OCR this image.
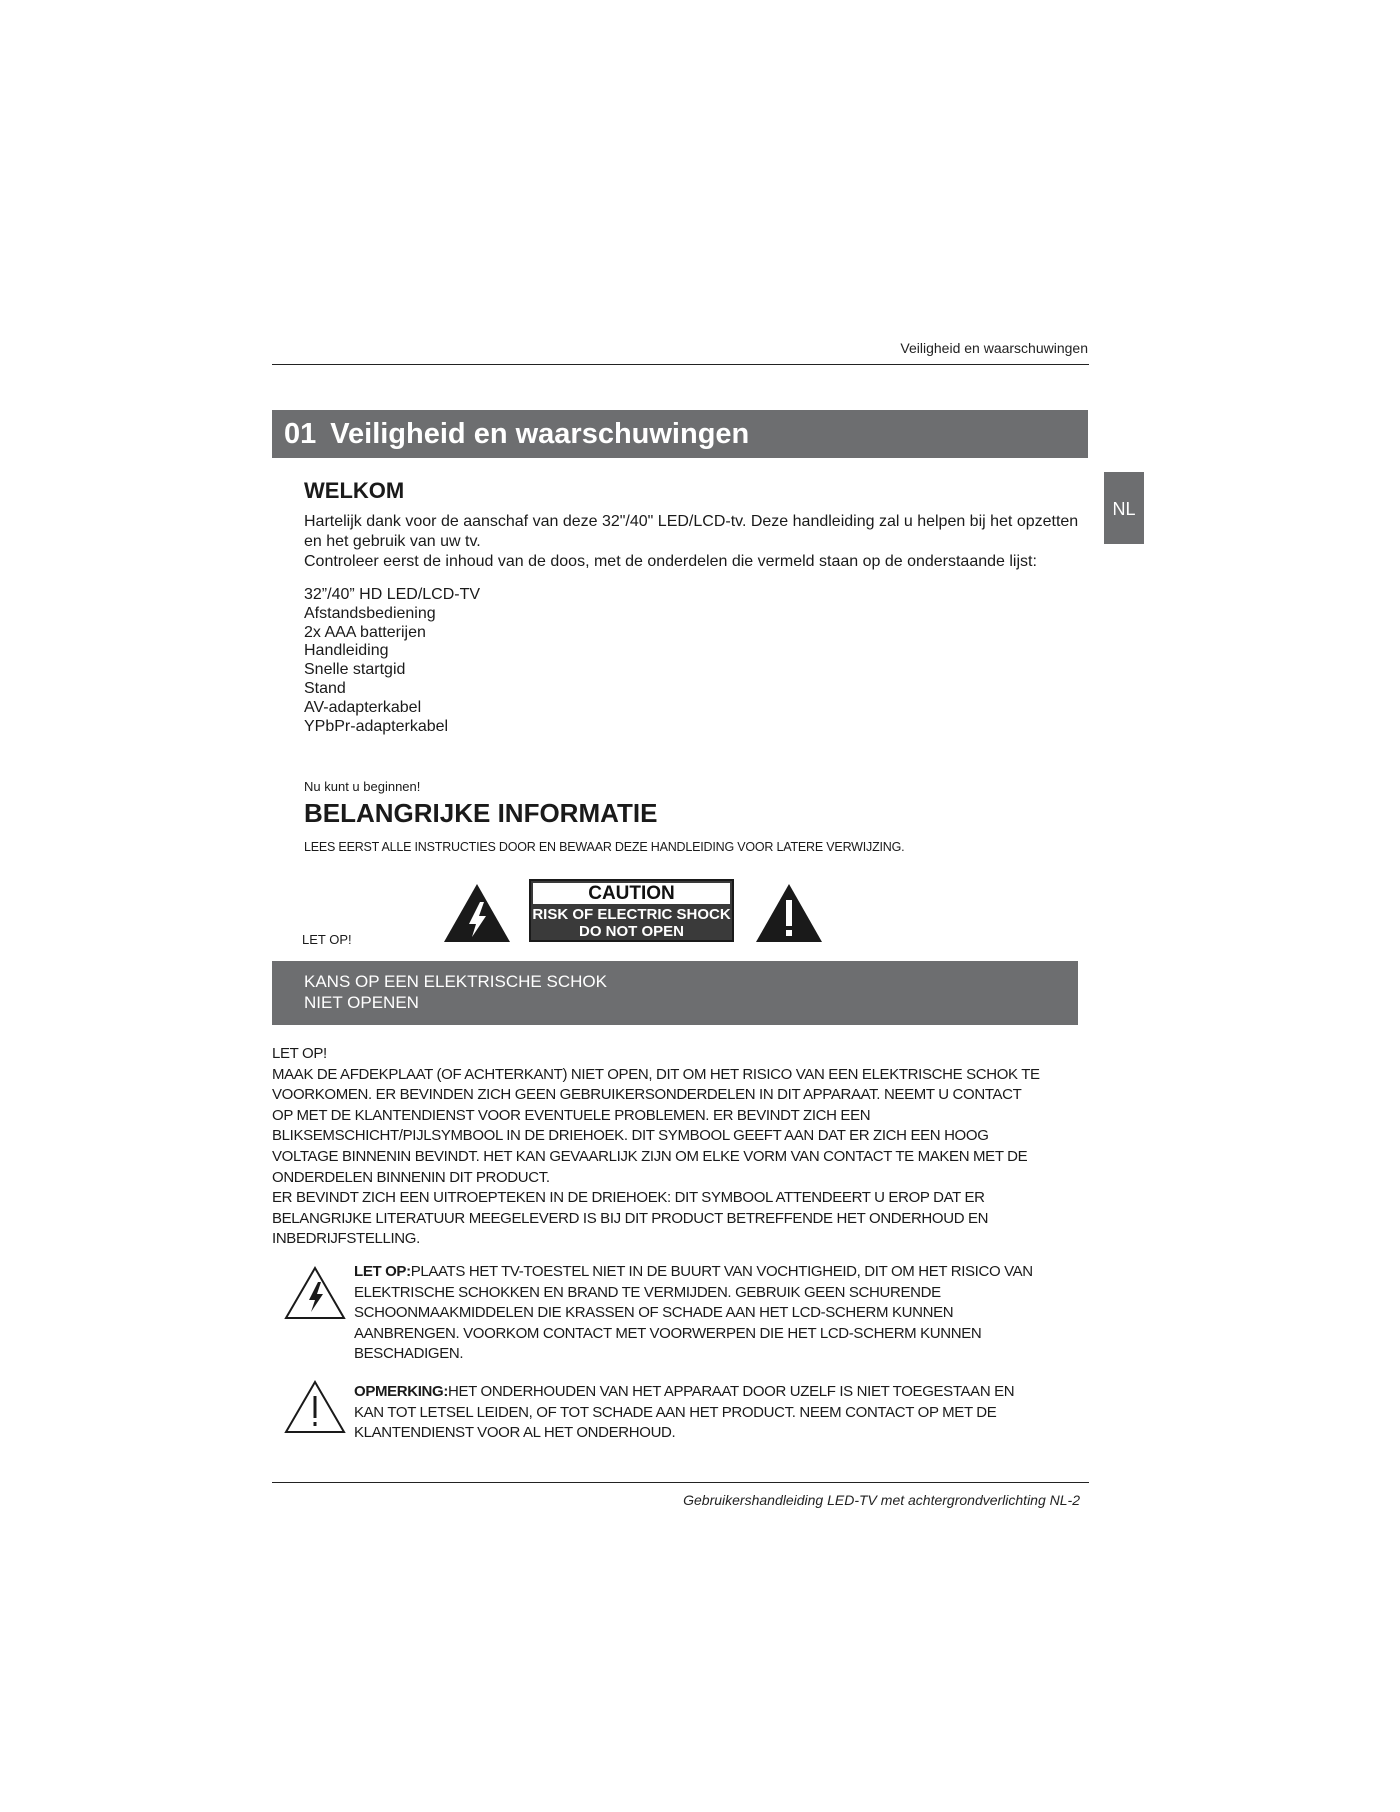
Veiligheid en waarschuwingen
01 Veiligheid en waarschuwingen
NL
WELKOM

Hartelijk dank voor de aanschaf van deze 32"/40" LED/LCD-tv. Deze handleiding zal u helpen bij het opzetten en het gebruik van uw tv.

Controleer eerst de inhoud van de doos, met de onderdelen die vermeld staan op de onderstaande lijst:

32”/40” HD LED/LCD-TV
Afstandsbediening
2x AAA batterijen
Handleiding
Snelle startgid
Stand
AV-adapterkabel
YPbPr-adapterkabel
Nu kunt u beginnen!
BELANGRIJKE INFORMATIE
LEES EERST ALLE INSTRUCTIES DOOR EN BEWAAR DEZE HANDLEIDING VOOR LATERE VERWIJZING.
LET OP!
CAUTION
RISK OF ELECTRIC SHOCK
DO NOT OPEN
KANS OP EEN ELEKTRISCHE SCHOK
NIET OPENEN

LET OP!

MAAK DE AFDEKPLAAT (OF ACHTERKANT) NIET OPEN, DIT OM HET RISICO VAN EEN ELEKTRISCHE SCHOK TE VOORKOMEN. ER BEVINDEN ZICH GEEN GEBRUIKERSONDERDELEN IN DIT APPARAAT. NEEMT U CONTACT OP MET DE KLANTENDIENST VOOR EVENTUELE PROBLEMEN. ER BEVINDT ZICH EEN BLIKSEMSCHICHT/PIJLSYMBOOL IN DE DRIEHOEK. DIT SYMBOOL GEEFT AAN DAT ER ZICH EEN HOOG VOLTAGE BINNENIN BEVINDT. HET KAN GEVAARLIJK ZIJN OM ELKE VORM VAN CONTACT TE MAKEN MET DE ONDERDELEN BINNENIN DIT PRODUCT.

ER BEVINDT ZICH EEN UITROEPTEKEN IN DE DRIEHOEK: DIT SYMBOOL ATTENDEERT U EROP DAT ER BELANGRIJKE LITERATUUR MEEGELEVERD IS BIJ DIT PRODUCT BETREFFENDE HET ONDERHOUD EN INBEDRIJFSTELLING.

LET OP:PLAATS HET TV-TOESTEL NIET IN DE BUURT VAN VOCHTIGHEID, DIT OM HET RISICO VAN ELEKTRISCHE SCHOKKEN EN BRAND TE VERMIJDEN. GEBRUIK GEEN SCHURENDE SCHOONMAAKMIDDELEN DIE KRASSEN OF SCHADE AAN HET LCD-SCHERM KUNNEN AANBRENGEN. VOORKOM CONTACT MET VOORWERPEN DIE HET LCD-SCHERM KUNNEN BESCHADIGEN.
OPMERKING:HET ONDERHOUDEN VAN HET APPARAAT DOOR UZELF IS NIET TOEGESTAAN EN KAN TOT LETSEL LEIDEN, OF TOT SCHADE AAN HET PRODUCT. NEEM CONTACT OP MET DE KLANTENDIENST VOOR AL HET ONDERHOUD.
Gebruikershandleiding LED-TV met achtergrondverlichting NL-2
